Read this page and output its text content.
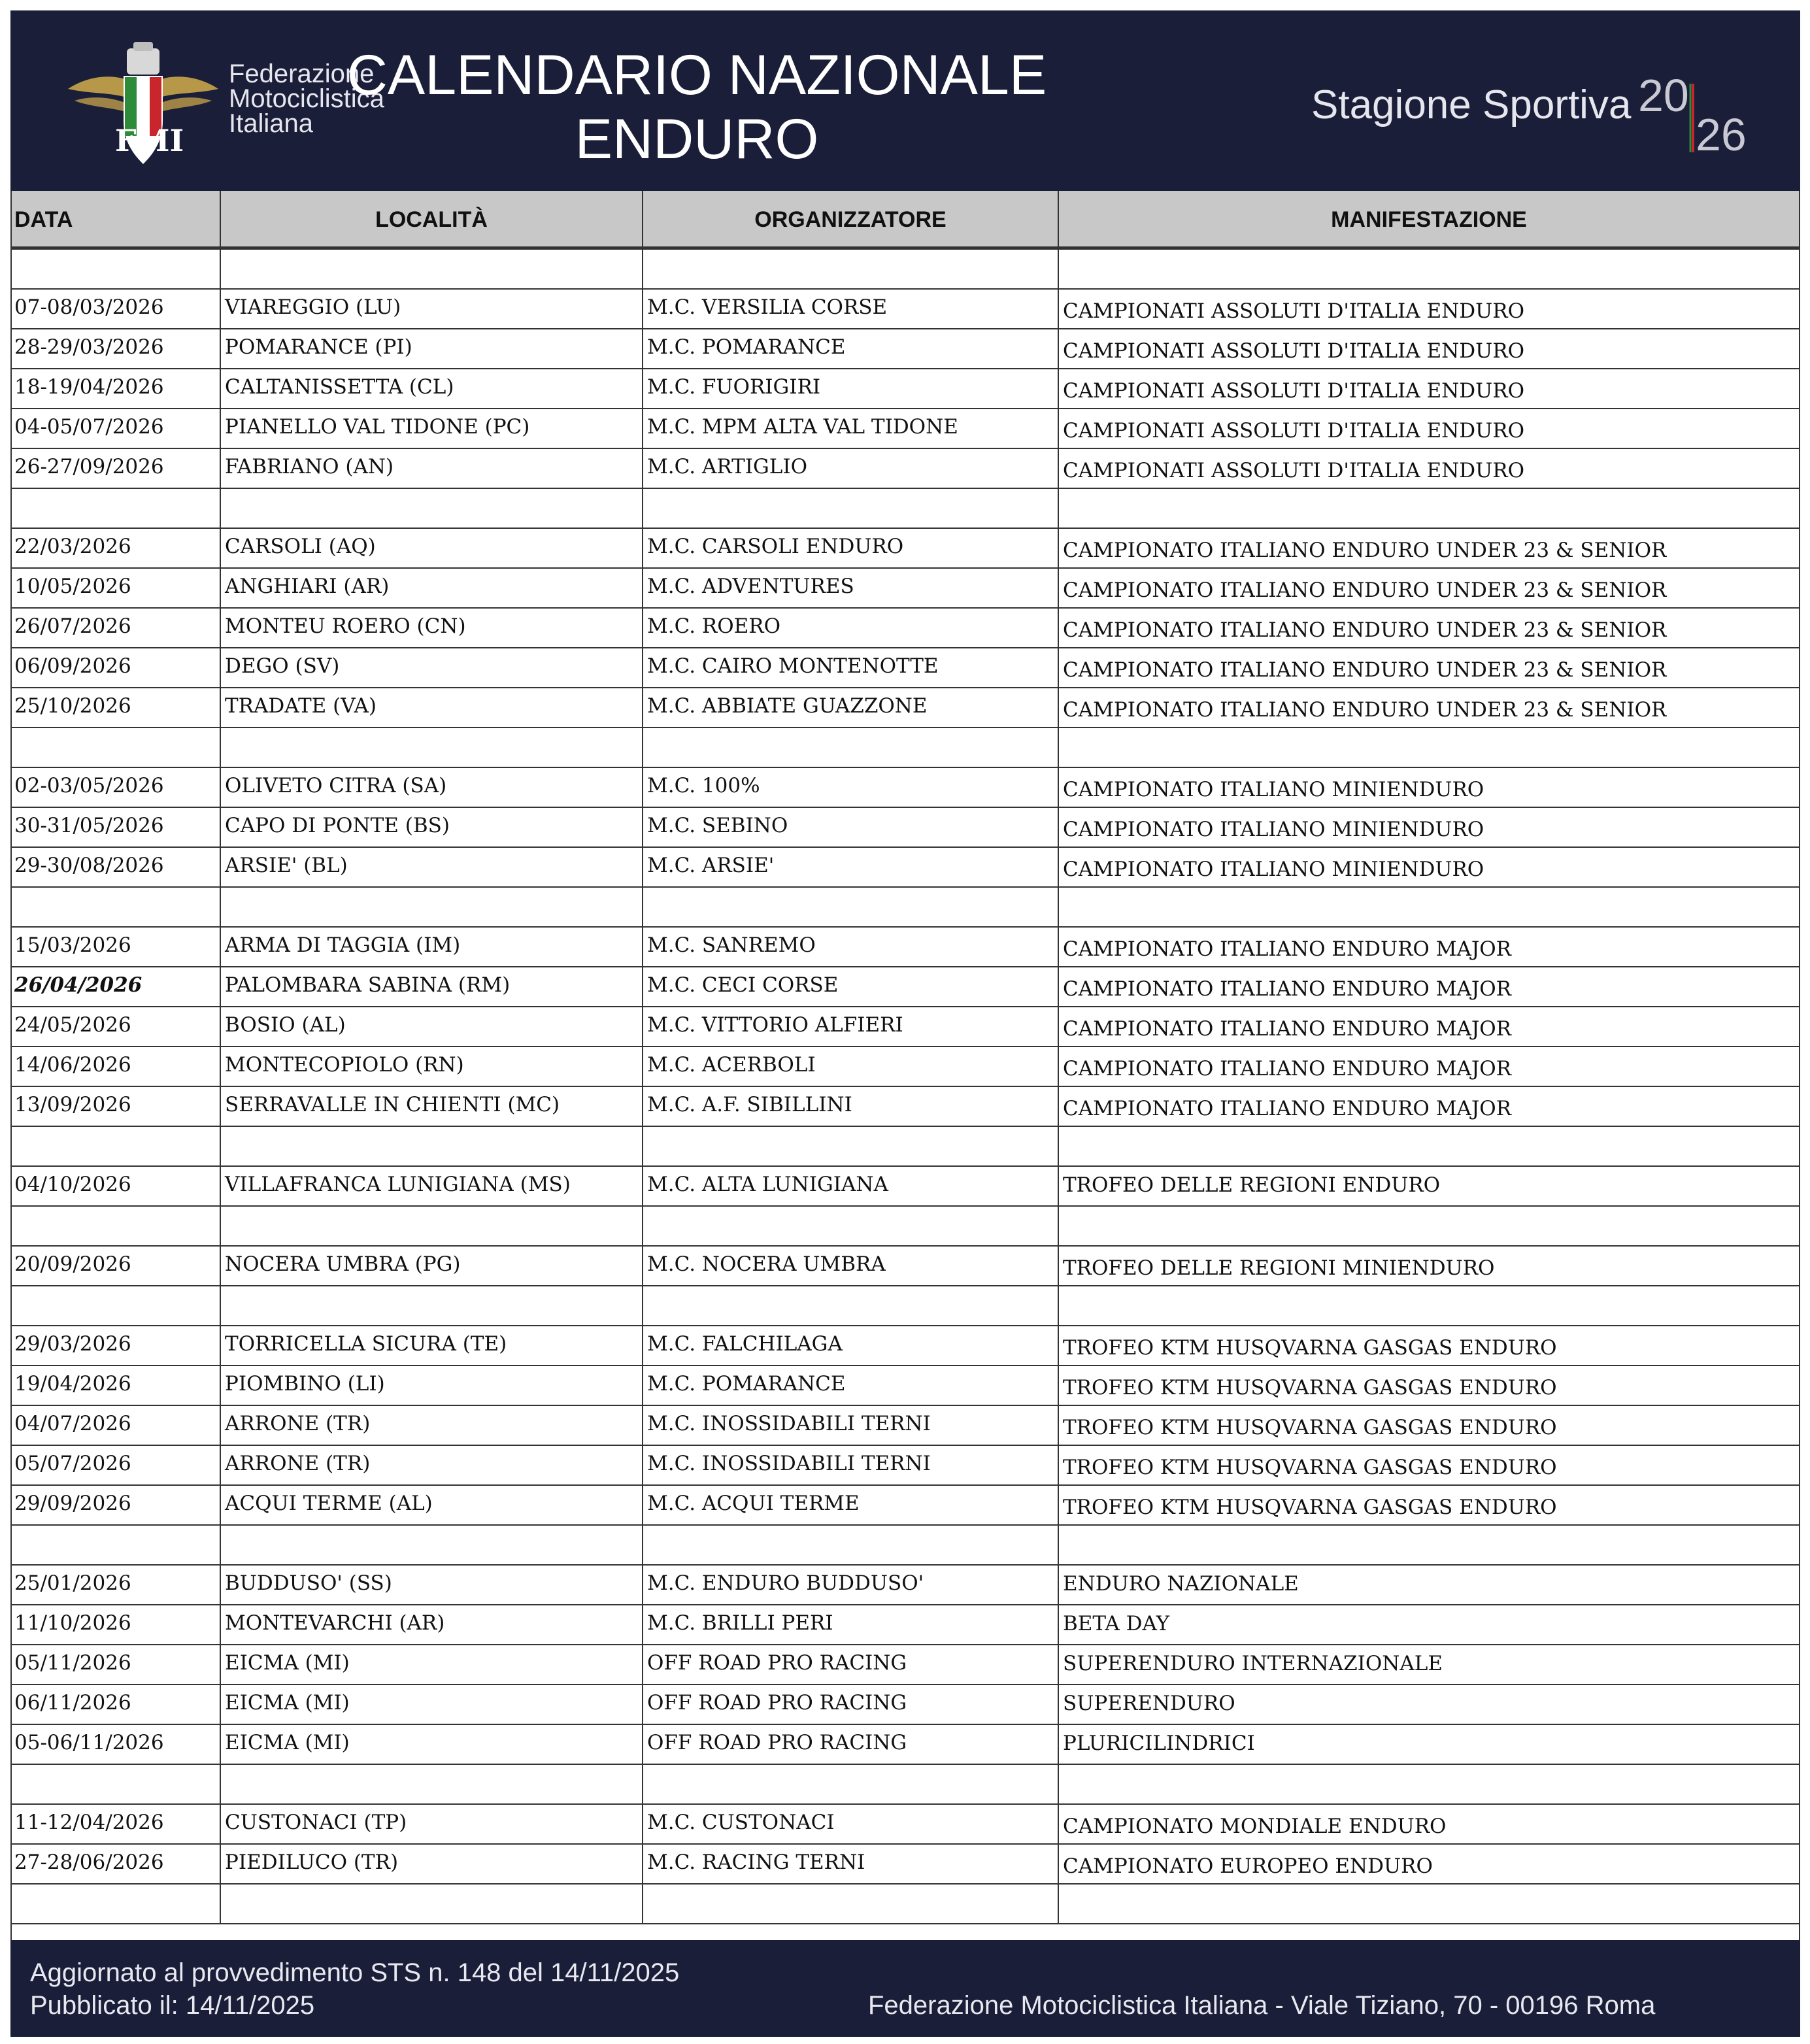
FMI
Federazione
Motociclistica
Italiana
CALENDARIO NAZIONALE
ENDURO
Stagione Sportiva 20
26
DATA	LOCALITÀ	ORGANIZZATORE	MANIFESTAZIONE
07-08/03/2026	VIAREGGIO (LU)	M.C. VERSILIA CORSE	CAMPIONATI ASSOLUTI D'ITALIA ENDURO
28-29/03/2026	POMARANCE (PI)	M.C. POMARANCE	CAMPIONATI ASSOLUTI D'ITALIA ENDURO
18-19/04/2026	CALTANISSETTA (CL)	M.C. FUORIGIRI	CAMPIONATI ASSOLUTI D'ITALIA ENDURO
04-05/07/2026	PIANELLO VAL TIDONE (PC)	M.C. MPM ALTA VAL TIDONE	CAMPIONATI ASSOLUTI D'ITALIA ENDURO
26-27/09/2026	FABRIANO (AN)	M.C. ARTIGLIO	CAMPIONATI ASSOLUTI D'ITALIA ENDURO
22/03/2026	CARSOLI (AQ)	M.C. CARSOLI ENDURO	CAMPIONATO ITALIANO ENDURO UNDER 23 & SENIOR
10/05/2026	ANGHIARI (AR)	M.C. ADVENTURES	CAMPIONATO ITALIANO ENDURO UNDER 23 & SENIOR
26/07/2026	MONTEU ROERO (CN)	M.C. ROERO	CAMPIONATO ITALIANO ENDURO UNDER 23 & SENIOR
06/09/2026	DEGO (SV)	M.C. CAIRO MONTENOTTE	CAMPIONATO ITALIANO ENDURO UNDER 23 & SENIOR
25/10/2026	TRADATE (VA)	M.C. ABBIATE GUAZZONE	CAMPIONATO ITALIANO ENDURO UNDER 23 & SENIOR
02-03/05/2026	OLIVETO CITRA (SA)	M.C. 100%	CAMPIONATO ITALIANO MINIENDURO
30-31/05/2026	CAPO DI PONTE (BS)	M.C. SEBINO	CAMPIONATO ITALIANO MINIENDURO
29-30/08/2026	ARSIE' (BL)	M.C. ARSIE'	CAMPIONATO ITALIANO MINIENDURO
15/03/2026	ARMA DI TAGGIA (IM)	M.C. SANREMO	CAMPIONATO ITALIANO ENDURO MAJOR
26/04/2026	PALOMBARA SABINA (RM)	M.C. CECI CORSE	CAMPIONATO ITALIANO ENDURO MAJOR
24/05/2026	BOSIO (AL)	M.C. VITTORIO ALFIERI	CAMPIONATO ITALIANO ENDURO MAJOR
14/06/2026	MONTECOPIOLO (RN)	M.C. ACERBOLI	CAMPIONATO ITALIANO ENDURO MAJOR
13/09/2026	SERRAVALLE IN CHIENTI (MC)	M.C. A.F. SIBILLINI	CAMPIONATO ITALIANO ENDURO MAJOR
04/10/2026	VILLAFRANCA LUNIGIANA (MS)	M.C. ALTA LUNIGIANA	TROFEO DELLE REGIONI ENDURO
20/09/2026	NOCERA UMBRA (PG)	M.C. NOCERA UMBRA	TROFEO DELLE REGIONI MINIENDURO
29/03/2026	TORRICELLA SICURA (TE)	M.C. FALCHILAGA	TROFEO KTM HUSQVARNA GASGAS ENDURO
19/04/2026	PIOMBINO (LI)	M.C. POMARANCE	TROFEO KTM HUSQVARNA GASGAS ENDURO
04/07/2026	ARRONE (TR)	M.C. INOSSIDABILI TERNI	TROFEO KTM HUSQVARNA GASGAS ENDURO
05/07/2026	ARRONE (TR)	M.C. INOSSIDABILI TERNI	TROFEO KTM HUSQVARNA GASGAS ENDURO
29/09/2026	ACQUI TERME (AL)	M.C. ACQUI TERME	TROFEO KTM HUSQVARNA GASGAS ENDURO
25/01/2026	BUDDUSO' (SS)	M.C. ENDURO BUDDUSO'	ENDURO NAZIONALE
11/10/2026	MONTEVARCHI (AR)	M.C. BRILLI PERI	BETA DAY
05/11/2026	EICMA (MI)	OFF ROAD PRO RACING	SUPERENDURO INTERNAZIONALE
06/11/2026	EICMA (MI)	OFF ROAD PRO RACING	SUPERENDURO
05-06/11/2026	EICMA (MI)	OFF ROAD PRO RACING	PLURICILINDRICI
11-12/04/2026	CUSTONACI (TP)	M.C. CUSTONACI	CAMPIONATO MONDIALE ENDURO
27-28/06/2026	PIEDILUCO (TR)	M.C. RACING TERNI	CAMPIONATO EUROPEO ENDURO
Aggiornato al provvedimento STS n. 148 del 14/11/2025
Pubblicato il: 14/11/2025	Federazione Motociclistica Italiana - Viale Tiziano, 70 - 00196 Roma
